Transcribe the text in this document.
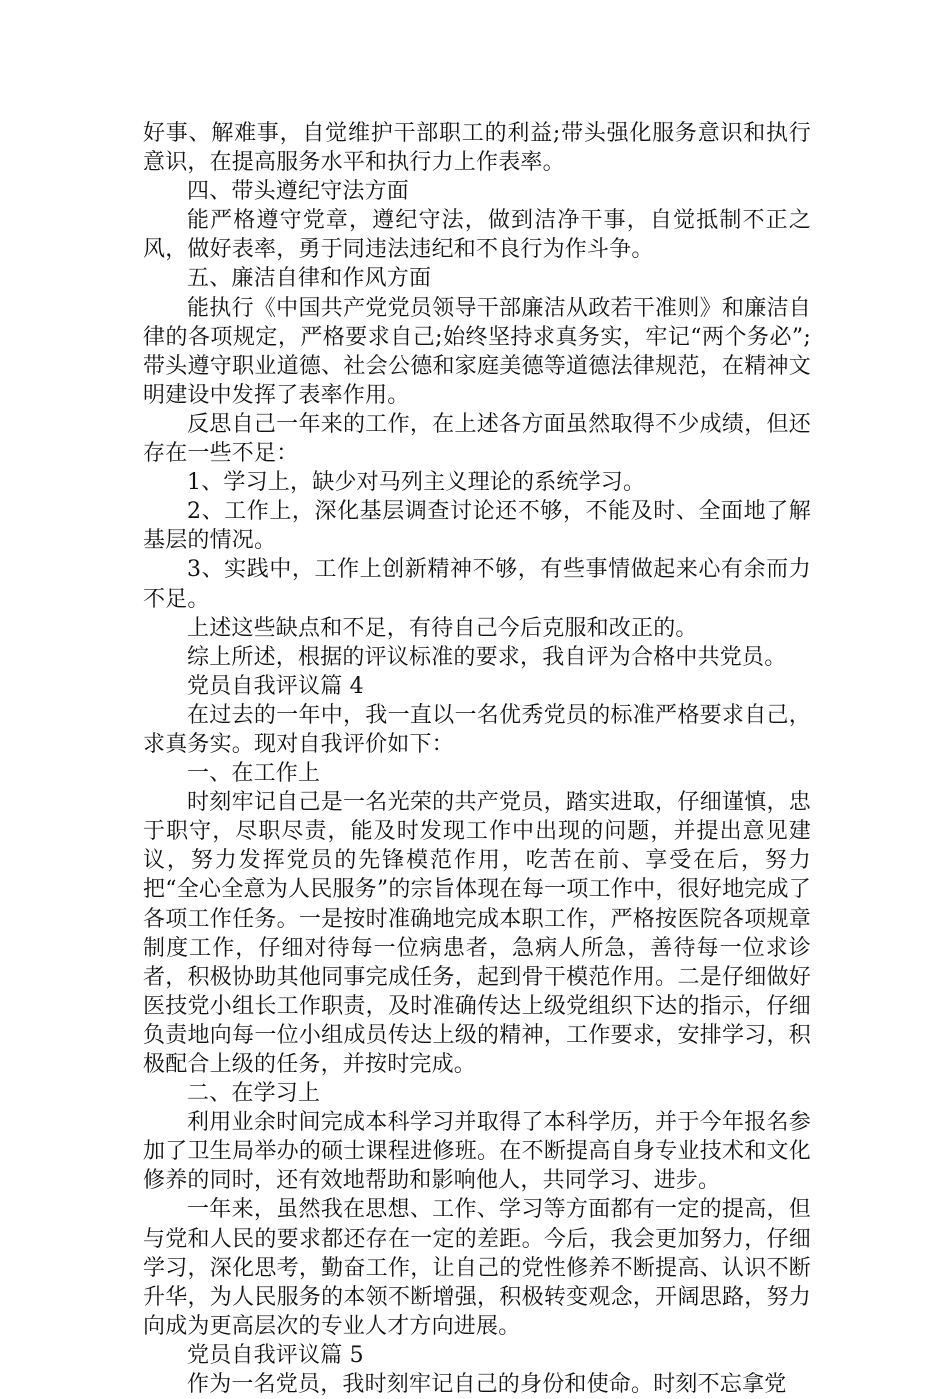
好事、解难事，自觉维护干部职工的利益;带头强化服务意识和执行意识，在提高服务水平和执行力上作表率。

四、带头遵纪守法方面

能严格遵守党章，遵纪守法，做到洁净干事，自觉抵制不正之风，做好表率，勇于同违法违纪和不良行为作斗争。

五、廉洁自律和作风方面

能执行《中国共产党党员领导干部廉洁从政若干准则》和廉洁自律的各项规定，严格要求自己;始终坚持求真务实，牢记“两个务必”;带头遵守职业道德、社会公德和家庭美德等道德法律规范，在精神文明建设中发挥了表率作用。

反思自己一年来的工作，在上述各方面虽然取得不少成绩，但还存在一些不足：

1、学习上，缺少对马列主义理论的系统学习。

2、工作上，深化基层调查讨论还不够，不能及时、全面地了解基层的情况。

3、实践中，工作上创新精神不够，有些事情做起来心有余而力不足。

上述这些缺点和不足，有待自己今后克服和改正的。

综上所述，根据的评议标准的要求，我自评为合格中共党员。

党员自我评议篇 4

在过去的一年中，我一直以一名优秀党员的标准严格要求自己，求真务实。现对自我评价如下：

一、在工作上

时刻牢记自己是一名光荣的共产党员，踏实进取，仔细谨慎，忠于职守，尽职尽责，能及时发现工作中出现的问题，并提出意见建议，努力发挥党员的先锋模范作用，吃苦在前、享受在后，努力把“全心全意为人民服务”的宗旨体现在每一项工作中，很好地完成了各项工作任务。一是按时准确地完成本职工作，严格按医院各项规章制度工作，仔细对待每一位病患者，急病人所急，善待每一位求诊者，积极协助其他同事完成任务，起到骨干模范作用。二是仔细做好医技党小组长工作职责，及时准确传达上级党组织下达的指示，仔细负责地向每一位小组成员传达上级的精神，工作要求，安排学习，积极配合上级的任务，并按时完成。

二、在学习上

利用业余时间完成本科学习并取得了本科学历，并于今年报名参加了卫生局举办的硕士课程进修班。在不断提高自身专业技术和文化修养的同时，还有效地帮助和影响他人，共同学习、进步。

一年来，虽然我在思想、工作、学习等方面都有一定的提高，但与党和人民的要求都还存在一定的差距。今后，我会更加努力，仔细学习，深化思考，勤奋工作，让自己的党性修养不断提高、认识不断升华，为人民服务的本领不断增强，积极转变观念，开阔思路，努力向成为更高层次的专业人才方向进展。

党员自我评议篇 5

作为一名党员，我时刻牢记自己的身份和使命。时刻不忘拿党
